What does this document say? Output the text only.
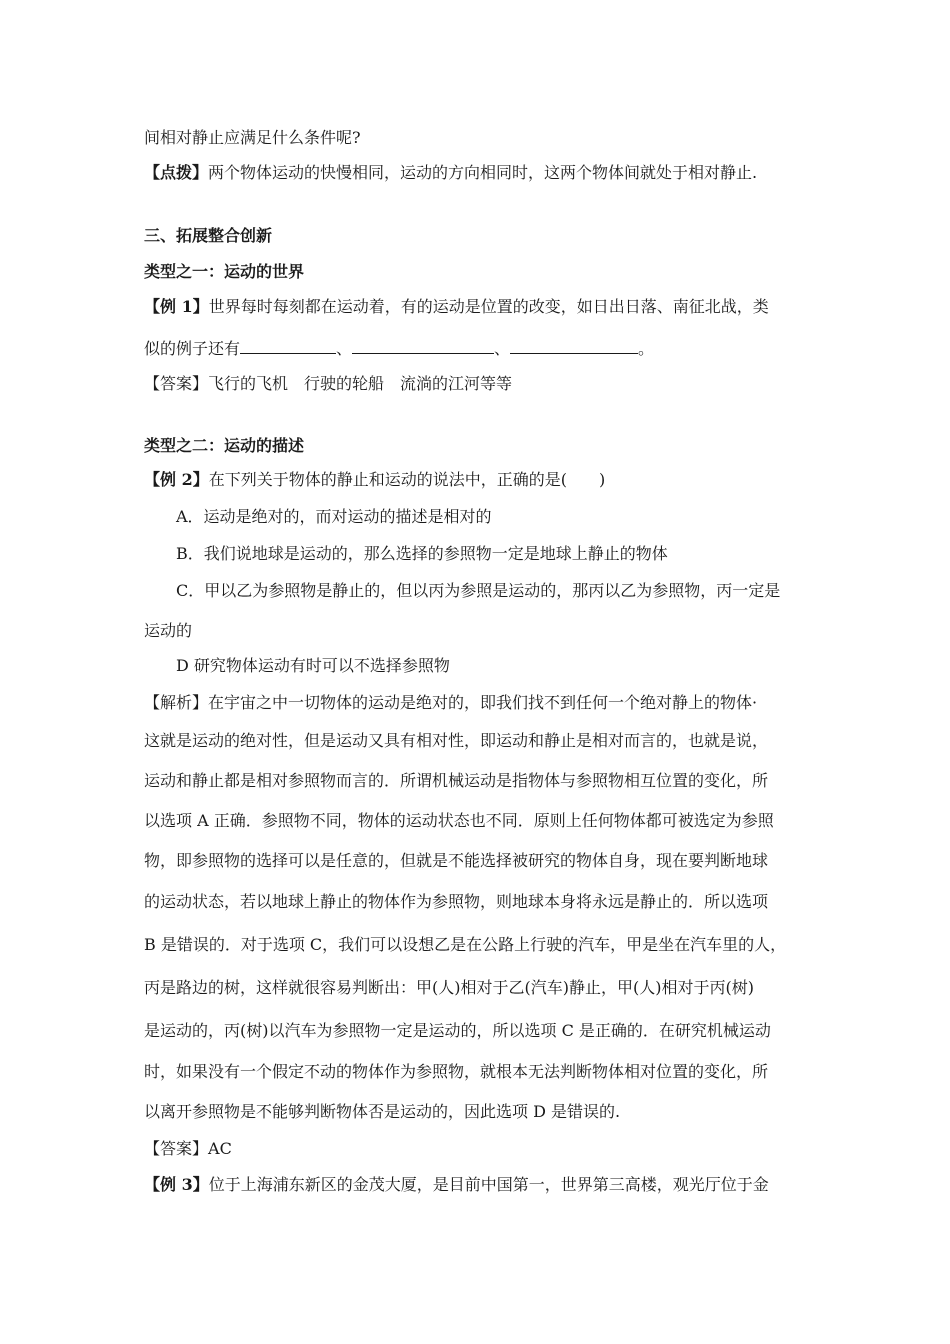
间相对静止应满足什么条件呢?
【点拨】两个物体运动的快慢相同，运动的方向相同时，这两个物体间就处于相对静止.
三、拓展整合创新
类型之一：运动的世界
【例 1】世界每时每刻都在运动着，有的运动是位置的改变，如日出日落、南征北战，类
似的例子还有	、	、	。
【答案】飞行的飞机　行驶的轮船　流淌的江河等等
类型之二：运动的描述
【例 2】在下列关于物体的静止和运动的说法中，正确的是(　　)
A．运动是绝对的，而对运动的描述是相对的
B．我们说地球是运动的，那么选择的参照物一定是地球上静止的物体
C．甲以乙为参照物是静止的，但以丙为参照是运动的，那丙以乙为参照物，丙一定是
运动的
D 研究物体运动有时可以不选择参照物
【解析】在宇宙之中一切物体的运动是绝对的，即我们找不到任何一个绝对静上的物体·
这就是运动的绝对性，但是运动又具有相对性，即运动和静止是相对而言的，也就是说，
运动和静止都是相对参照物而言的．所谓机械运动是指物体与参照物相互位置的变化，所
以选项 A 正确．参照物不同，物体的运动状态也不同．原则上任何物体都可被选定为参照
物，即参照物的选择可以是任意的，但就是不能选择被研究的物体自身，现在要判断地球
的运动状态，若以地球上静止的物体作为参照物，则地球本身将永远是静止的．所以选项
B 是错误的．对于选项 C，我们可以设想乙是在公路上行驶的汽车，甲是坐在汽车里的人，
丙是路边的树，这样就很容易判断出：甲(人)相对于乙(汽车)静止，甲(人)相对于丙(树)
是运动的，丙(树)以汽车为参照物一定是运动的，所以选项 C 是正确的．在研究机械运动
时，如果没有一个假定不动的物体作为参照物，就根本无法判断物体相对位置的变化，所
以离开参照物是不能够判断物体否是运动的，因此选项 D 是错误的.
【答案】AC
【例 3】位于上海浦东新区的金茂大厦，是目前中国第一，世界第三高楼，观光厅位于金
